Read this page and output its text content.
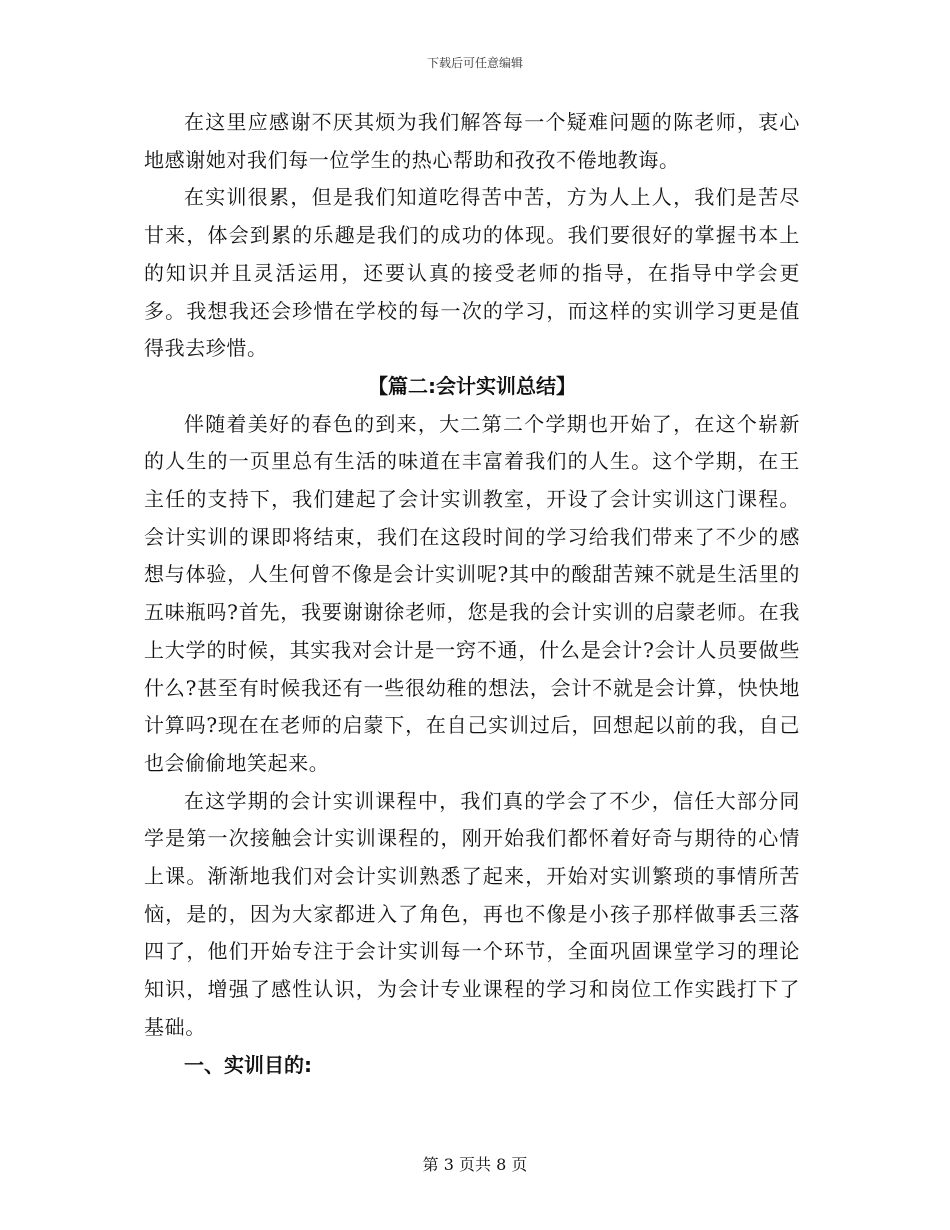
下载后可任意编辑

在这里应感谢不厌其烦为我们解答每一个疑难问题的陈老师，衷心地感谢她对我们每一位学生的热心帮助和孜孜不倦地教诲。

在实训很累，但是我们知道吃得苦中苦，方为人上人，我们是苦尽甘来，体会到累的乐趣是我们的成功的体现。我们要很好的掌握书本上的知识并且灵活运用，还要认真的接受老师的指导，在指导中学会更多。我想我还会珍惜在学校的每一次的学习，而这样的实训学习更是值得我去珍惜。

【篇二:会计实训总结】

伴随着美好的春色的到来，大二第二个学期也开始了，在这个崭新的人生的一页里总有生活的味道在丰富着我们的人生。这个学期，在王主任的支持下，我们建起了会计实训教室，开设了会计实训这门课程。会计实训的课即将结束，我们在这段时间的学习给我们带来了不少的感想与体验，人生何曾不像是会计实训呢?其中的酸甜苦辣不就是生活里的五味瓶吗?首先，我要谢谢徐老师，您是我的会计实训的启蒙老师。在我上大学的时候，其实我对会计是一窍不通，什么是会计?会计人员要做些什么?甚至有时候我还有一些很幼稚的想法，会计不就是会计算，快快地计算吗?现在在老师的启蒙下，在自己实训过后，回想起以前的我，自己也会偷偷地笑起来。

在这学期的会计实训课程中，我们真的学会了不少，信任大部分同学是第一次接触会计实训课程的，刚开始我们都怀着好奇与期待的心情上课。渐渐地我们对会计实训熟悉了起来，开始对实训繁琐的事情所苦恼，是的，因为大家都进入了角色，再也不像是小孩子那样做事丢三落四了，他们开始专注于会计实训每一个环节，全面巩固课堂学习的理论知识，增强了感性认识，为会计专业课程的学习和岗位工作实践打下了基础。

一、实训目的:

第 3 页共 8 页
